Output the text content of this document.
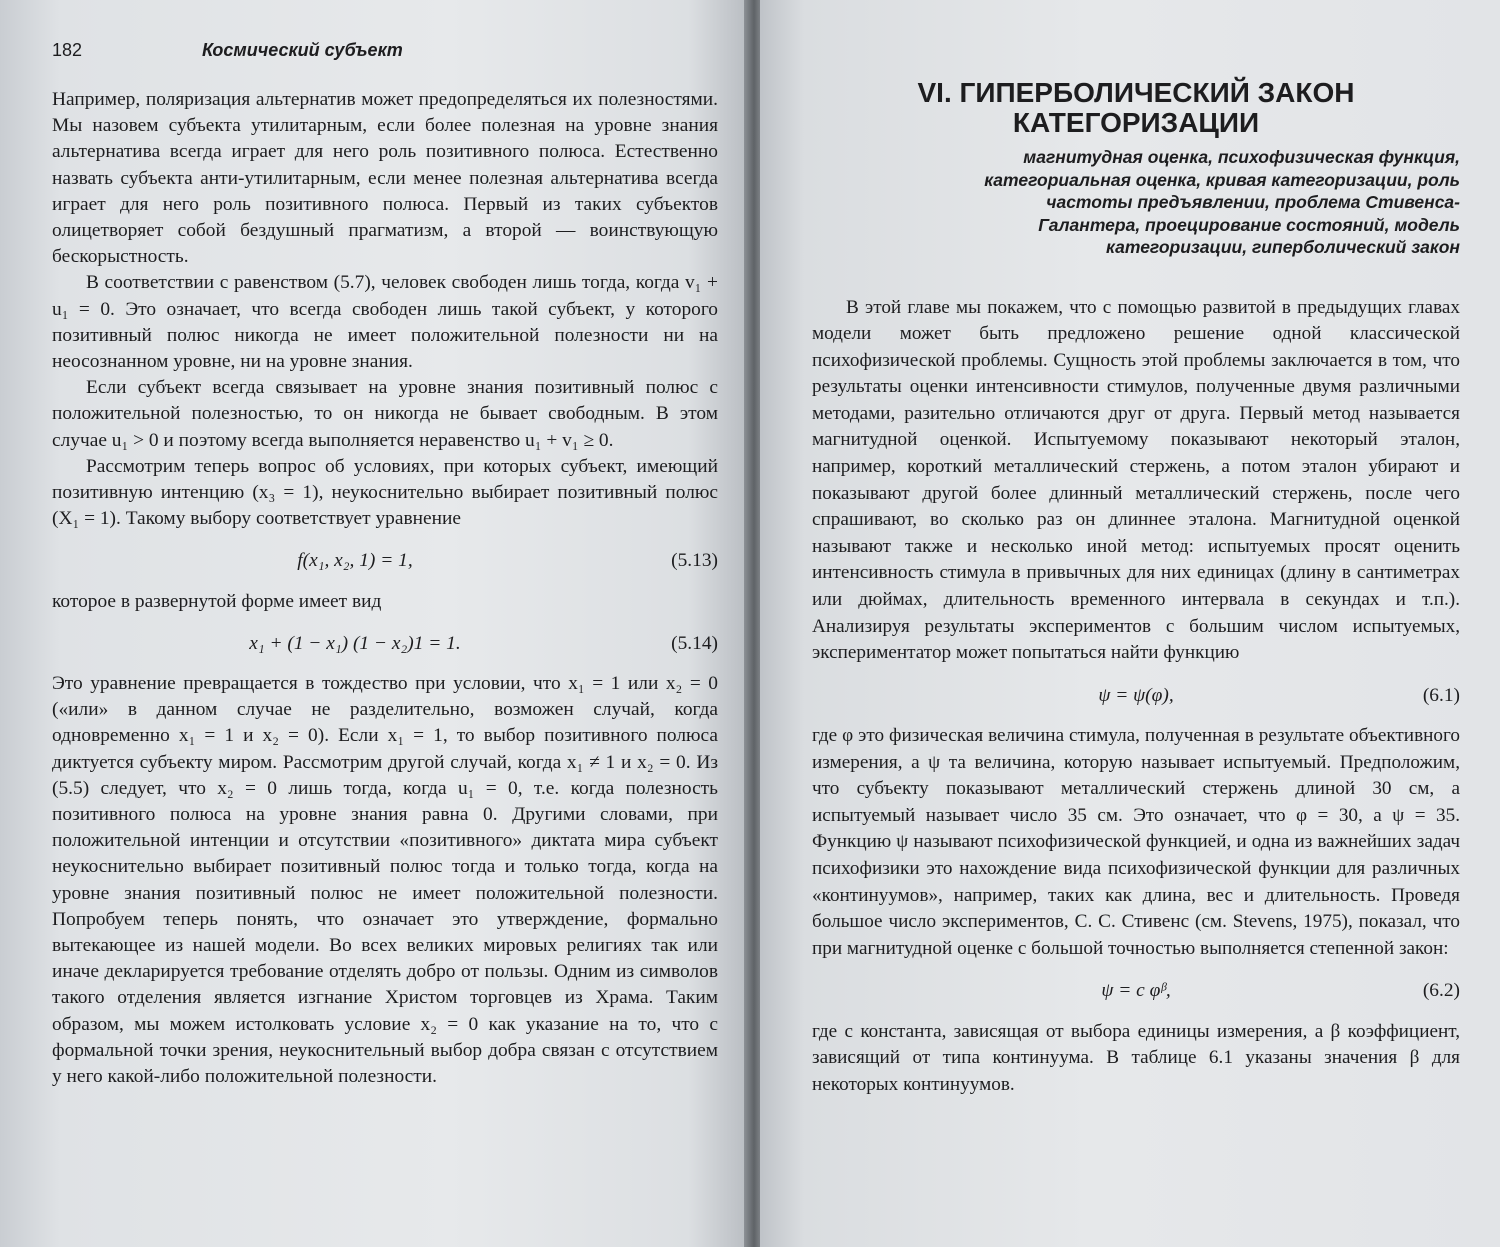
182	Космический субъект

Например, поляризация альтернатив может предопределяться их полезностями. Мы назовем субъекта утилитарным, если более полезная на уровне знания альтернатива всегда играет для него роль позитивного полюса. Естественно назвать субъекта анти-утилитарным, если менее полезная альтернатива всегда играет для него роль позитивного полюса. Первый из таких субъектов олицетворяет собой бездушный прагматизм, а второй — воинствующую бескорыстность.

В соответствии с равенством (5.7), человек свободен лишь тогда, когда v₁ + u₁ = 0. Это означает, что всегда свободен лишь такой субъект, у которого позитивный полюс никогда не имеет положительной полезности ни на неосознанном уровне, ни на уровне знания.

Если субъект всегда связывает на уровне знания позитивный полюс с положительной полезностью, то он никогда не бывает свободным. В этом случае u₁ > 0 и поэтому всегда выполняется неравенство u₁ + v₁ ≥ 0.

Рассмотрим теперь вопрос об условиях, при которых субъект, имеющий позитивную интенцию (x₃ = 1), неукоснительно выбирает позитивный полюс (X₁ = 1). Такому выбору соответствует уравнение

f(x₁, x₂, 1) = 1,	(5.13)

которое в развернутой форме имеет вид

x₁ + (1 − x₁) (1 − x₂)1 = 1.	(5.14)

Это уравнение превращается в тождество при условии, что x₁ = 1 или x₂ = 0 («или» в данном случае не разделительно, возможен случай, когда одновременно x₁ = 1 и x₂ = 0). Если x₁ = 1, то выбор позитивного полюса диктуется субъекту миром. Рассмотрим другой случай, когда x₁ ≠ 1 и x₂ = 0. Из (5.5) следует, что x₂ = 0 лишь тогда, когда u₁ = 0, т.е. когда полезность позитивного полюса на уровне знания равна 0. Другими словами, при положительной интенции и отсутствии «позитивного» диктата мира субъект неукоснительно выбирает позитивный полюс тогда и только тогда, когда на уровне знания позитивный полюс не имеет положительной полезности. Попробуем теперь понять, что означает это утверждение, формально вытекающее из нашей модели. Во всех великих мировых религиях так или иначе декларируется требование отделять добро от пользы. Одним из символов такого отделения является изгнание Христом торговцев из Храма. Таким образом, мы можем истолковать условие x₂ = 0 как указание на то, что с формальной точки зрения, неукоснительный выбор добра связан с отсутствием у него какой-либо положительной полезности.

VI. ГИПЕРБОЛИЧЕСКИЙ ЗАКОН
КАТЕГОРИЗАЦИИ
магнитудная оценка, психофизическая функция, категориальная оценка, кривая категоризации, роль частоты предъявлении, проблема Стивенса-Галантера, проецирование состояний, модель категоризации, гиперболический закон

В этой главе мы покажем, что с помощью развитой в предыдущих главах модели может быть предложено решение одной классической психофизической проблемы. Сущность этой проблемы заключается в том, что результаты оценки интенсивности стимулов, полученные двумя различными методами, разительно отличаются друг от друга. Первый метод называется магнитудной оценкой. Испытуемому показывают некоторый эталон, например, короткий металлический стержень, а потом эталон убирают и показывают другой более длинный металлический стержень, после чего спрашивают, во сколько раз он длиннее эталона. Магнитудной оценкой называют также и несколько иной метод: испытуемых просят оценить интенсивность стимула в привычных для них единицах (длину в сантиметрах или дюймах, длительность временного интервала в секундах и т.п.). Анализируя результаты экспериментов с большим числом испытуемых, экспериментатор может попытаться найти функцию

ψ = ψ(φ),	(6.1)

где φ это физическая величина стимула, полученная в результате объективного измерения, а ψ та величина, которую называет испытуемый. Предположим, что субъекту показывают металлический стержень длиной 30 см, а испытуемый называет число 35 см. Это означает, что φ = 30, а ψ = 35. Функцию ψ называют психофизической функцией, и одна из важнейших задач психофизики это нахождение вида психофизической функции для различных «континуумов», например, таких как длина, вес и длительность. Проведя большое число экспериментов, С. С. Стивенс (см. Stevens, 1975), показал, что при магнитудной оценке с большой точностью выполняется степенной закон:

ψ = c φᵝ,	(6.2)

где c константа, зависящая от выбора единицы измерения, а β коэффициент, зависящий от типа континуума. В таблице 6.1 указаны значения β для некоторых континуумов.
